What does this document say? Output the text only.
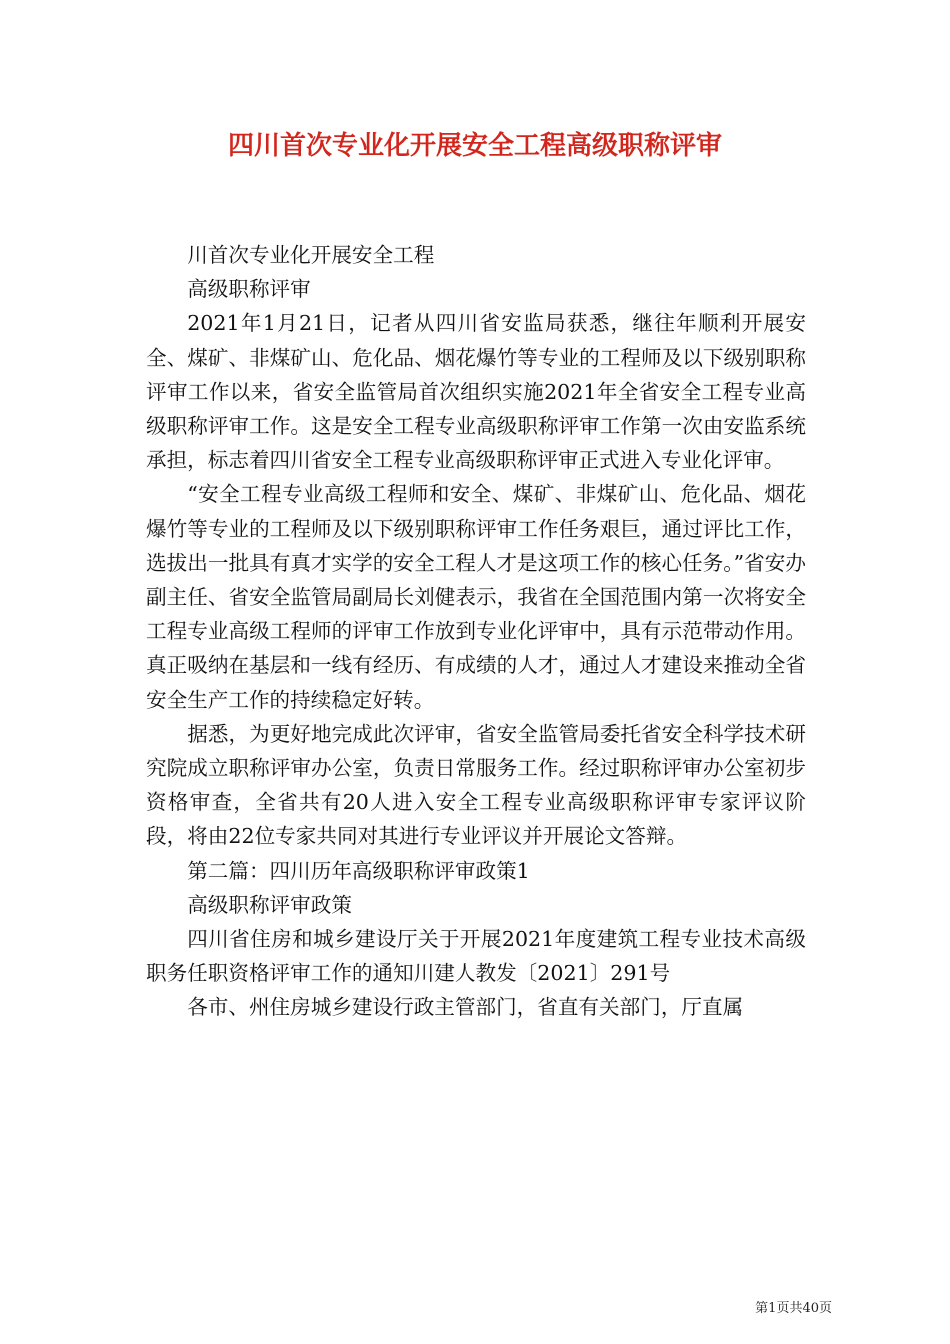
四川首次专业化开展安全工程高级职称评审

川首次专业化开展安全工程

高级职称评审

2021年1月21日，记者从四川省安监局获悉，继往年顺利开展安全、煤矿、非煤矿山、危化品、烟花爆竹等专业的工程师及以下级别职称评审工作以来，省安全监管局首次组织实施2021年全省安全工程专业高级职称评审工作。这是安全工程专业高级职称评审工作第一次由安监系统承担，标志着四川省安全工程专业高级职称评审正式进入专业化评审。

“安全工程专业高级工程师和安全、煤矿、非煤矿山、危化品、烟花爆竹等专业的工程师及以下级别职称评审工作任务艰巨，通过评比工作，选拔出一批具有真才实学的安全工程人才是这项工作的核心任务。”省安办副主任、省安全监管局副局长刘健表示，我省在全国范围内第一次将安全工程专业高级工程师的评审工作放到专业化评审中，具有示范带动作用。真正吸纳在基层和一线有经历、有成绩的人才，通过人才建设来推动全省安全生产工作的持续稳定好转。

据悉，为更好地完成此次评审，省安全监管局委托省安全科学技术研究院成立职称评审办公室，负责日常服务工作。经过职称评审办公室初步资格审查，全省共有20人进入安全工程专业高级职称评审专家评议阶段，将由22位专家共同对其进行专业评议并开展论文答辩。

第二篇：四川历年高级职称评审政策1

高级职称评审政策

四川省住房和城乡建设厅关于开展2021年度建筑工程专业技术高级职务任职资格评审工作的通知川建人教发〔2021〕291号

各市、州住房城乡建设行政主管部门，省直有关部门，厅直属

第1页共40页
